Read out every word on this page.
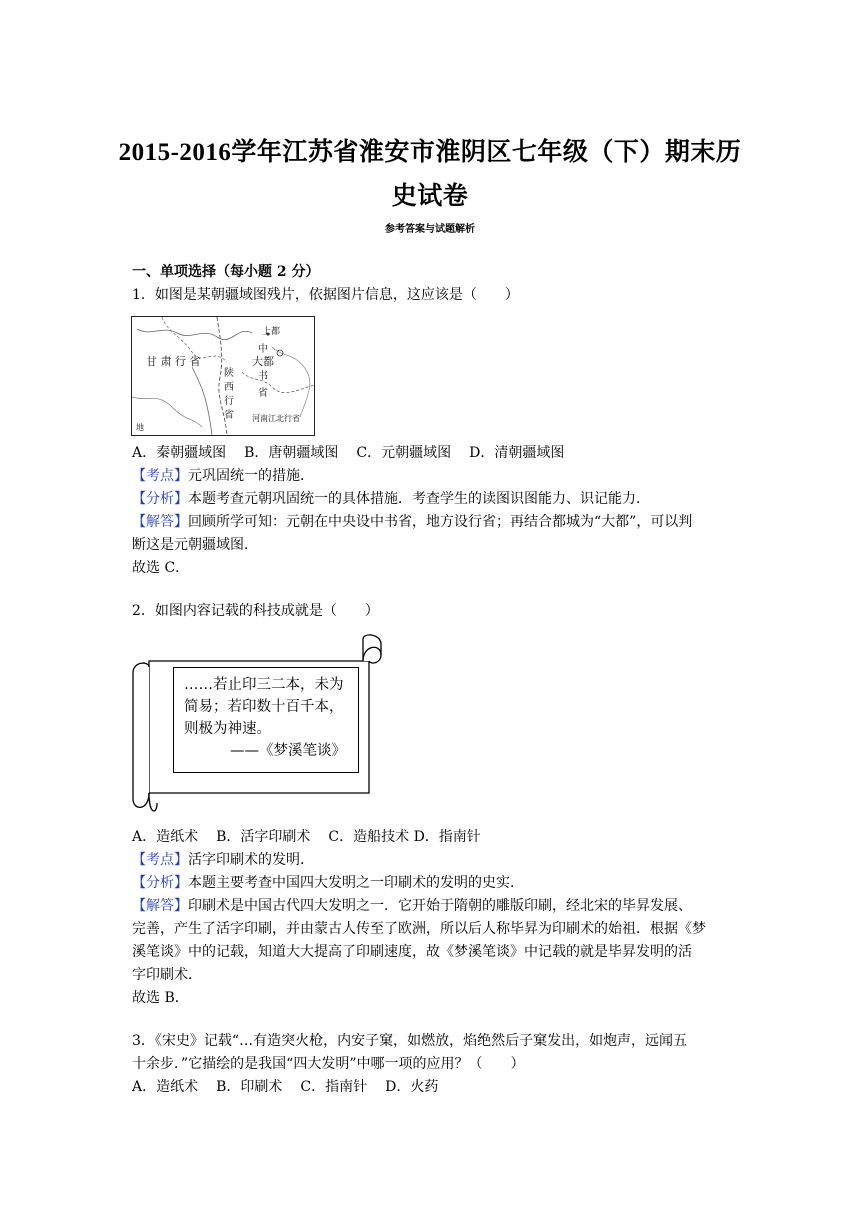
2015-2016学年江苏省淮安市淮阴区七年级（下）期末历
史试卷
参考答案与试题解析
一、单项选择（每小题 2 分）
1．如图是某朝疆域图残片，依据图片信息，这应该是（　　）
甘 肃 行 省
上都
中
大都
书
省
陕西行省 河南江北行省
地
A．秦朝疆域图 B．唐朝疆域图 C．元朝疆域图 D．清朝疆域图
【考点】元巩固统一的措施．
【分析】本题考查元朝巩固统一的具体措施．考查学生的读图识图能力、识记能力．
【解答】回顾所学可知：元朝在中央设中书省，地方设行省；再结合都城为“大都”，可以判
断这是元朝疆域图．
故选 C．
2．如图内容记载的科技成就是（　　）
……若止印三二本，未为
简易；若印数十百千本，
则极为神速。
——《梦溪笔谈》
A．造纸术 B．活字印刷术 C．造船技术 D．指南针
【考点】活字印刷术的发明．
【分析】本题主要考查中国四大发明之一印刷术的发明的史实．
【解答】印刷术是中国古代四大发明之一．它开始于隋朝的雕版印刷，经北宋的毕昇发展、
完善，产生了活字印刷，并由蒙古人传至了欧洲，所以后人称毕昇为印刷术的始祖．根据《梦
溪笔谈》中的记载，知道大大提高了印刷速度，故《梦溪笔谈》中记载的就是毕昇发明的活
字印刷术．
故选 B．
3．《宋史》记载“…有造突火枪，内安子窠，如燃放，焰绝然后子窠发出，如炮声，远闻五
十余步．”它描绘的是我国“四大发明”中哪一项的应用？（　　）
A．造纸术 B．印刷术 C．指南针 D．火药
